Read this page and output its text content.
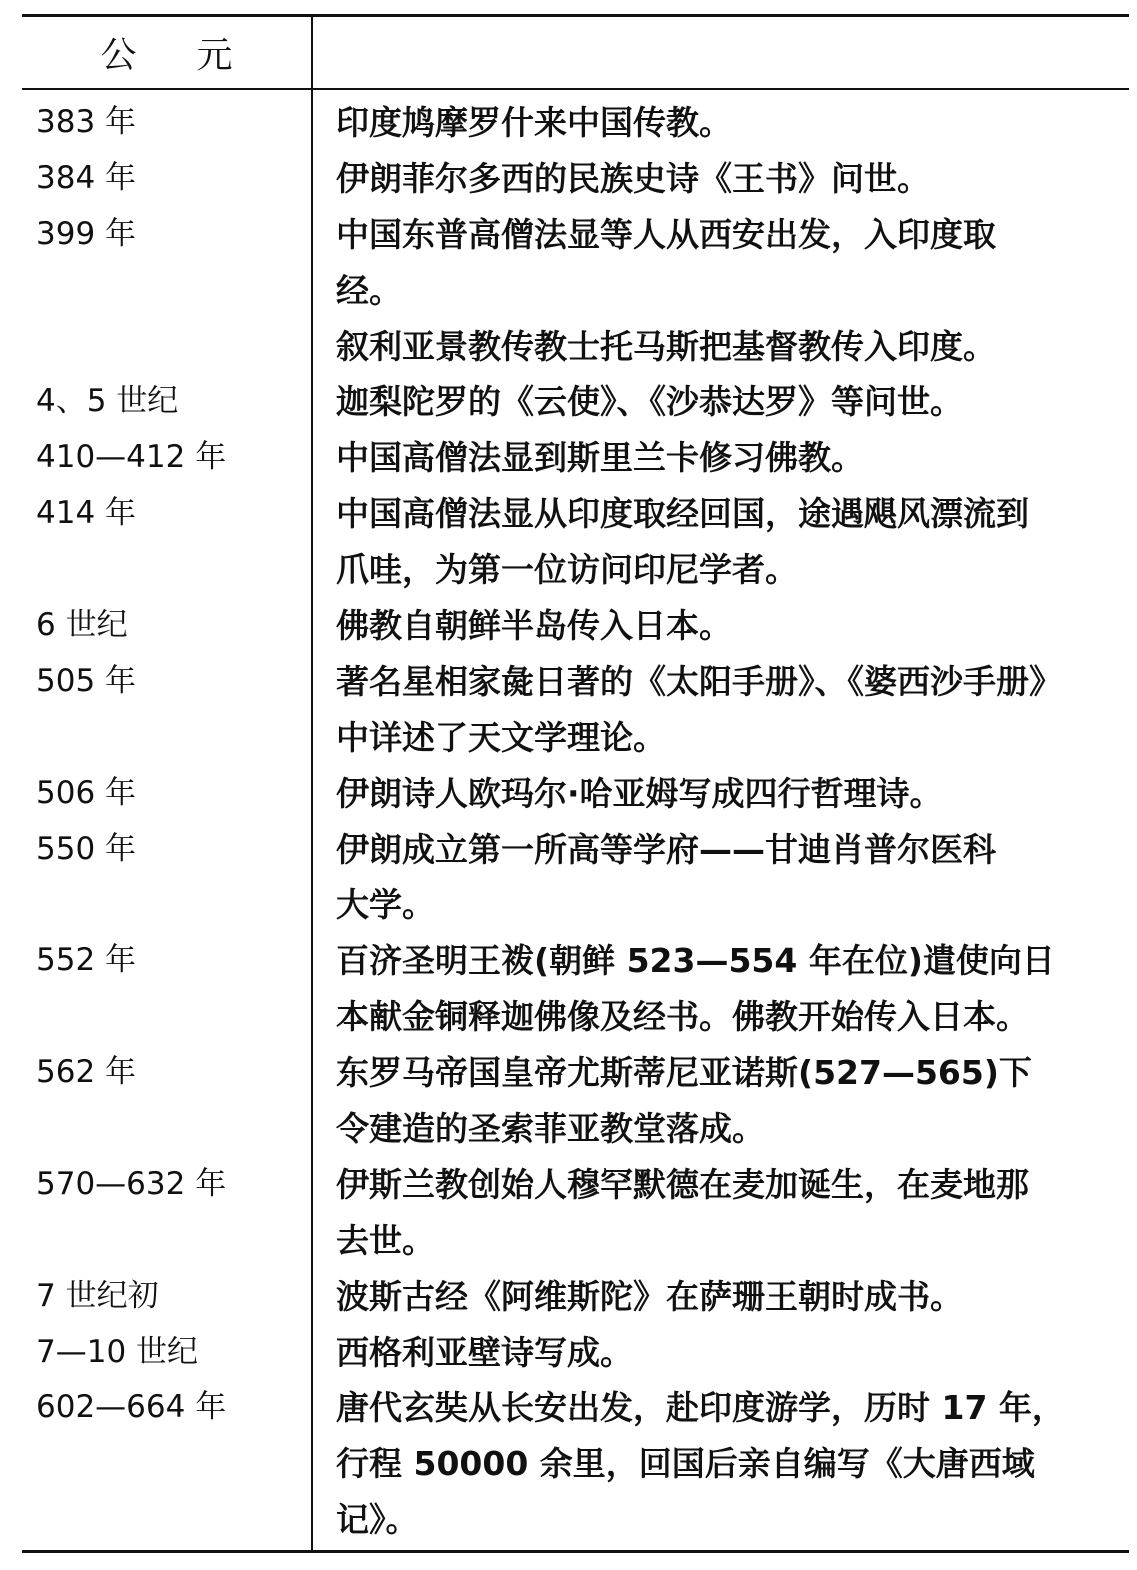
公 元
383 年	印度鸠摩罗什来中国传教。
384 年	伊朗菲尔多西的民族史诗《王书》问世。
399 年	中国东普高僧法显等人从西安出发，入印度取
经。
叙利亚景教传教士托马斯把基督教传入印度。
4、5 世纪	迦梨陀罗的《云使》、《沙恭达罗》等问世。
410—412 年	中国高僧法显到斯里兰卡修习佛教。
414 年	中国高僧法显从印度取经回国，途遇飓风漂流到
爪哇，为第一位访问印尼学者。
6 世纪	佛教自朝鲜半岛传入日本。
505 年	著名星相家彘日著的《太阳手册》、《婆西沙手册》
中详述了天文学理论。
506 年	伊朗诗人欧玛尔·哈亚姆写成四行哲理诗。
550 年	伊朗成立第一所高等学府——甘迪肖普尔医科
大学。
552 年	百济圣明王袯(朝鲜 523—554 年在位)遣使向日
本献金铜释迦佛像及经书。佛教开始传入日本。
562 年	东罗马帝国皇帝尤斯蒂尼亚诺斯(527—565)下
令建造的圣索菲亚教堂落成。
570—632 年	伊斯兰教创始人穆罕默德在麦加诞生，在麦地那
去世。
7 世纪初	波斯古经《阿维斯陀》在萨珊王朝时成书。
7—10 世纪	西格利亚壁诗写成。
602—664 年	唐代玄奘从长安出发，赴印度游学，历时 17 年，
行程 50000 余里，回国后亲自编写《大唐西域
记》。
